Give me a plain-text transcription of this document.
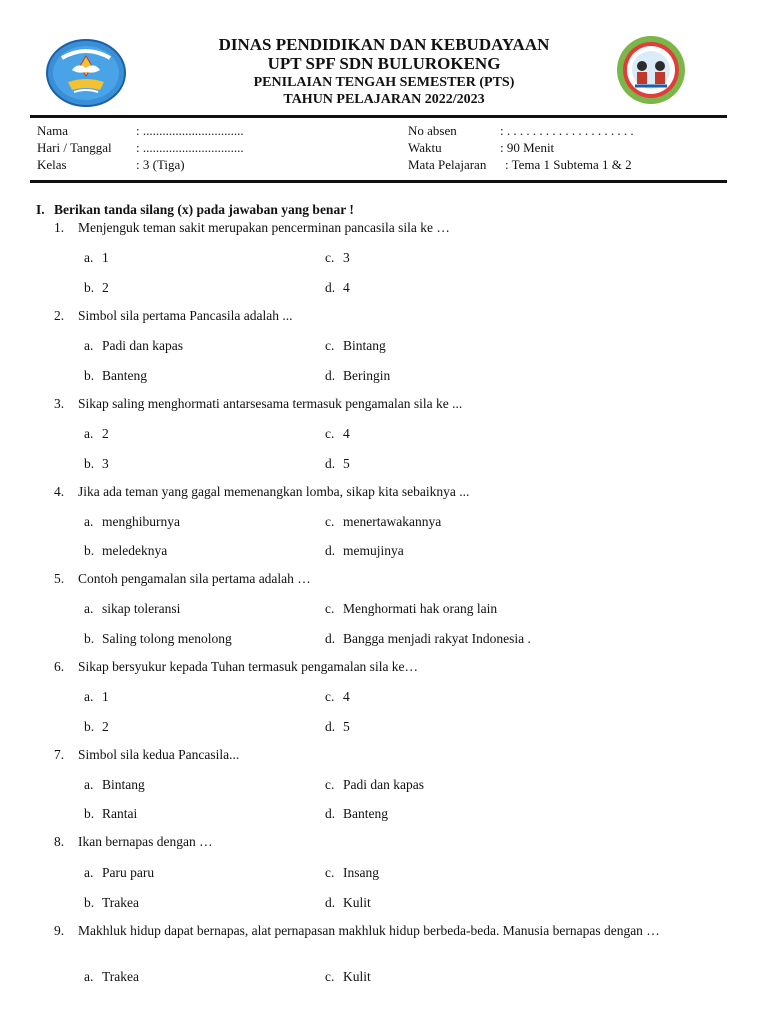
DINAS PENDIDIKAN DAN KEBUDAYAAN
UPT SPF SDN BULUROKENG
PENILAIAN TENGAH SEMESTER (PTS)
TAHUN PELAJARAN 2022/2023
Nama	: ...............................
Hari / Tanggal : ...............................
Kelas	: 3 (Tiga)
No absen	: . . . . . . . . . . . . . . . . . . . .
Waktu	: 90 Menit
Mata Pelajaran : Tema 1 Subtema 1 & 2
I. Berikan tanda silang (x) pada jawaban yang benar !
1. Menjenguk teman sakit merupakan pencerminan pancasila sila ke …
a. 1
b. 2
c. 3
d. 4
2. Simbol sila pertama Pancasila adalah ...
a. Padi dan kapas
b. Banteng
c. Bintang
d. Beringin
3. Sikap saling menghormati antarsesama termasuk pengamalan sila ke ...
a. 2
b. 3
c. 4
d. 5
4. Jika ada teman yang gagal memenangkan lomba, sikap kita sebaiknya ...
a. menghiburnya
b. meledeknya
c. menertawakannya
d. memujinya
5. Contoh pengamalan sila pertama adalah …
a. sikap toleransi
b. Saling tolong menolong
c. Menghormati hak orang lain
d. Bangga menjadi rakyat Indonesia .
6. Sikap bersyukur kepada Tuhan termasuk pengamalan sila ke…
a. 1
b. 2
c. 4
d. 5
7. Simbol sila kedua Pancasila...
a. Bintang
b. Rantai
c. Padi dan kapas
d. Banteng
8. Ikan bernapas dengan …
a. Paru paru
b. Trakea
c. Insang
d. Kulit
9. Makhluk hidup dapat bernapas, alat pernapasan makhluk hidup berbeda-beda. Manusia bernapas dengan …
a. Trakea	c. Kulit
